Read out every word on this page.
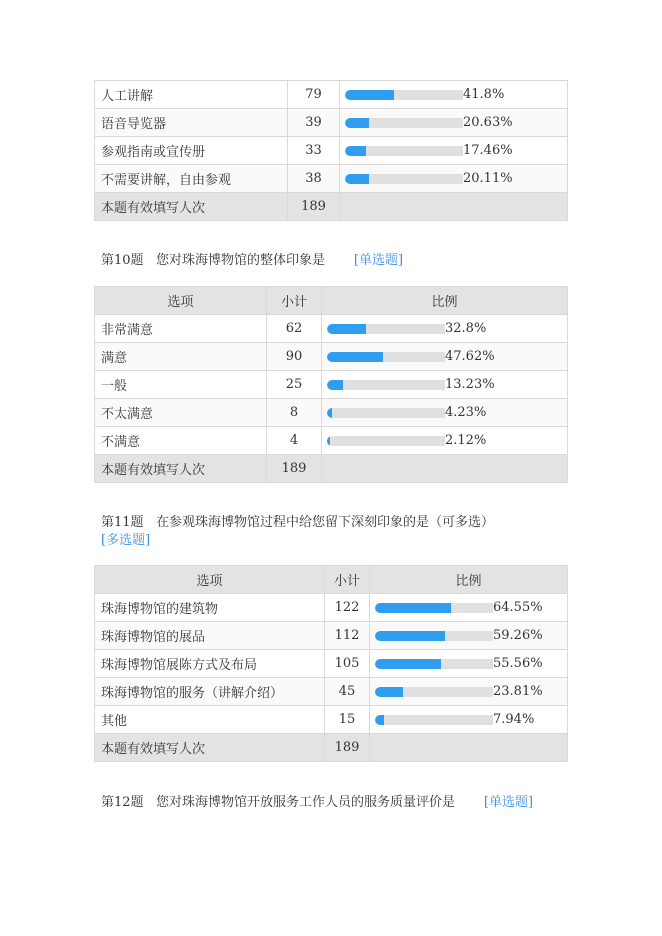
人工讲解	79	41.8%

语音导览器	39	20.63%

参观指南或宣传册	33	17.46%

不需要讲解，自由参观	38	20.11%

本题有效填写人次	189	
第10题 您对珠海博物馆的整体印象是 [单选题]
选项	小计	比例
非常满意	62	32.8%

满意	90	47.62%

一般	25	13.23%

不太满意	8	4.23%

不满意	4	2.12%

本题有效填写人次	189	
第11题 在参观珠海博物馆过程中给您留下深刻印象的是（可多选）
[多选题]
选项	小计	比例
珠海博物馆的建筑物	122	64.55%

珠海博物馆的展品	112	59.26%

珠海博物馆展陈方式及布局	105	55.56%

珠海博物馆的服务（讲解介绍）	45	23.81%

其他	15	7.94%

本题有效填写人次	189	
第12题 您对珠海博物馆开放服务工作人员的服务质量评价是 [单选题]
